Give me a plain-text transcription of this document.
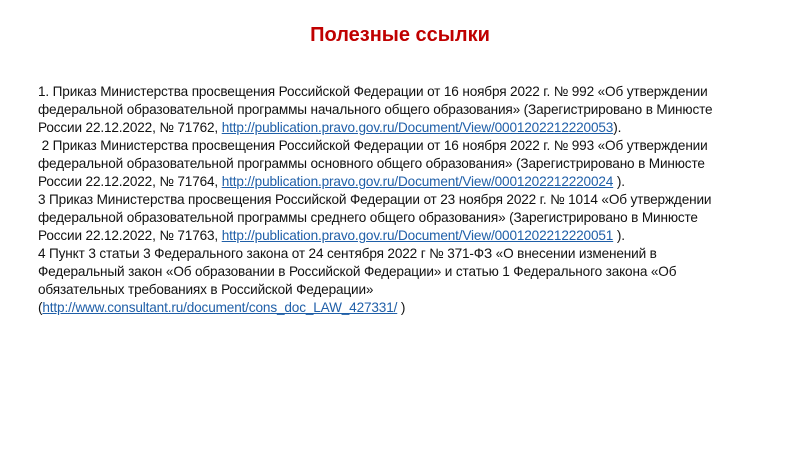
Полезные ссылки
1. Приказ Министерства просвещения Российской Федерации от 16 ноября 2022 г. № 992 «Об утверждении
федеральной образовательной программы начального общего образования» (Зарегистрировано в Минюсте
России 22.12.2022, № 71762, http://publication.pravo.gov.ru/Document/View/0001202212220053).
2 Приказ Министерства просвещения Российской Федерации от 16 ноября 2022 г. № 993 «Об утверждении
федеральной образовательной программы основного общего образования» (Зарегистрировано в Минюсте
России 22.12.2022, № 71764, http://publication.pravo.gov.ru/Document/View/0001202212220024 ).
3 Приказ Министерства просвещения Российской Федерации от 23 ноября 2022 г. № 1014 «Об утверждении
федеральной образовательной программы среднего общего образования» (Зарегистрировано в Минюсте
России 22.12.2022, № 71763, http://publication.pravo.gov.ru/Document/View/0001202212220051 ).
4 Пункт 3 статьи 3 Федерального закона от 24 сентября 2022 г № 371-ФЗ «О внесении изменений в
Федеральный закон «Об образовании в Российской Федерации» и статью 1 Федерального закона «Об
обязательных требованиях в Российской Федерации»
(http://www.consultant.ru/document/cons_doc_LAW_427331/ )
